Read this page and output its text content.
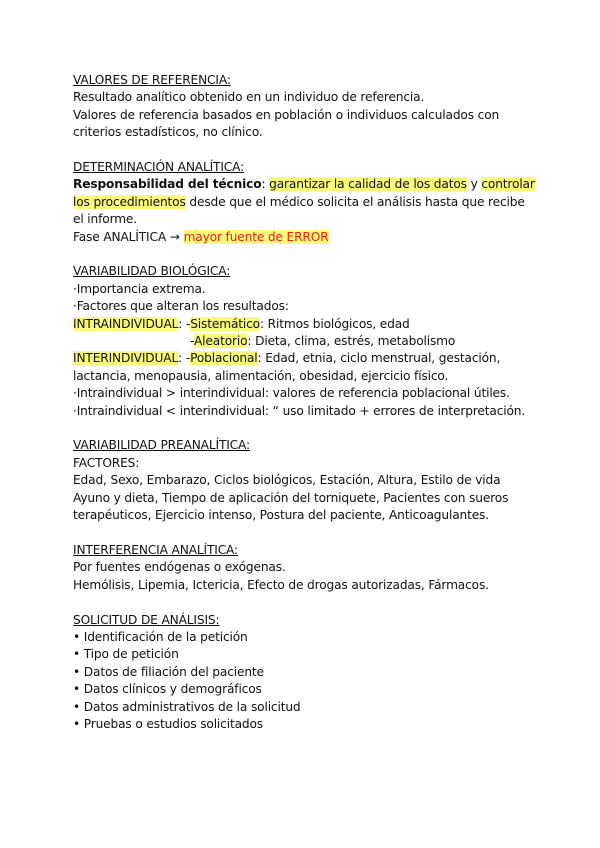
VALORES DE REFERENCIA:
Resultado analítico obtenido en un individuo de referencia.
Valores de referencia basados en población o individuos calculados con
criterios estadísticos, no clínico.
DETERMINACIÓN ANALÍTICA:
Responsabilidad del técnico: garantizar la calidad de los datos y controlar
los procedimientos desde que el médico solicita el análisis hasta que recibe
el informe.
Fase ANALÍTICA → mayor fuente de ERROR
VARIABILIDAD BIOLÓGICA:
·Importancia extrema.
·Factores que alteran los resultados:
INTRAINDIVIDUAL: -Sistemático: Ritmos biológicos, edad
-Aleatorio: Dieta, clima, estrés, metabolismo
INTERINDIVIDUAL: -Poblacional: Edad, etnia, ciclo menstrual, gestación,
lactancia, menopausia, alimentación, obesidad, ejercicio físico.
·Intraindividual > interindividual: valores de referencia poblacional útiles.
·Intraindividual < interindividual: “ uso limitado + errores de interpretación.
VARIABILIDAD PREANALÍTICA:
FACTORES:
Edad, Sexo, Embarazo, Ciclos biológicos, Estación, Altura, Estilo de vida
Ayuno y dieta, Tiempo de aplicación del torniquete, Pacientes con sueros
terapéuticos, Ejercicio intenso, Postura del paciente, Anticoagulantes.
INTERFERENCIA ANALÍTICA:
Por fuentes endógenas o exógenas.
Hemólisis, Lipemia, Ictericia, Efecto de drogas autorizadas, Fármacos.
SOLICITUD DE ANÁLISIS:
• Identificación de la petición
• Tipo de petición
• Datos de filiación del paciente
• Datos clínicos y demográficos
• Datos administrativos de la solicitud
• Pruebas o estudios solicitados
